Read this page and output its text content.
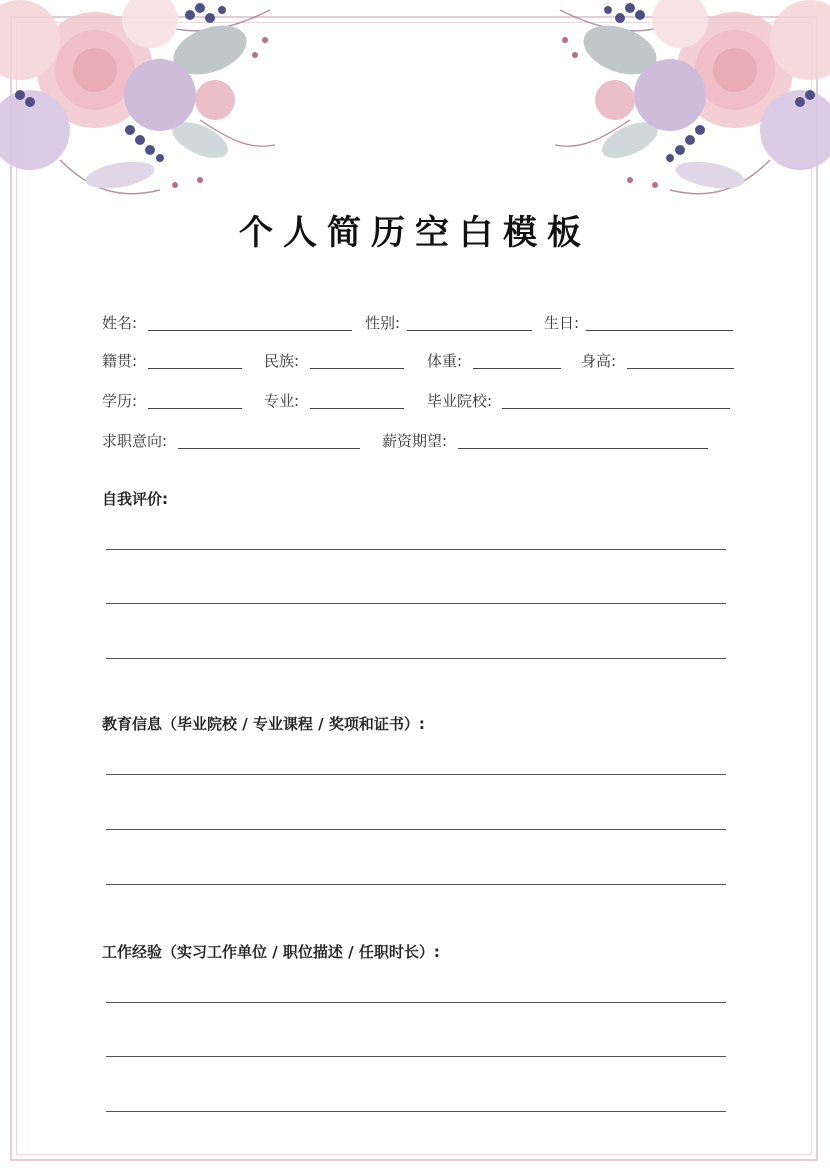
个人简历空白模板
姓名:	性别:	生日:
籍贯:	民族:	体重:	身高:
学历:	专业:	毕业院校:
求职意向:	薪资期望:
自我评价:
教育信息（毕业院校 / 专业课程 / 奖项和证书）:
工作经验（实习工作单位 / 职位描述 / 任职时长）:
